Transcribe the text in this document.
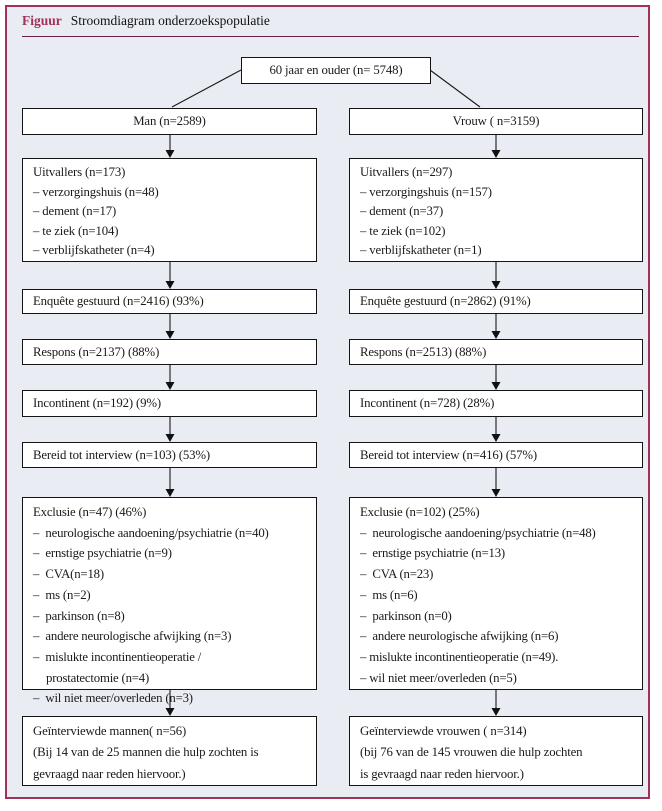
Figuur Stroomdiagram onderzoekspopulatie
60 jaar en ouder (n= 5748)
Man (n=2589)	Vrouw ( n=3159)
Uitvallers (n=173)
– verzorgingshuis (n=48)
– dement (n=17)
– te ziek (n=104)
– verblijfskatheter (n=4)
Uitvallers (n=297)
– verzorgingshuis (n=157)
– dement (n=37)
– te ziek (n=102)
– verblijfskatheter (n=1)
Enquête gestuurd (n=2416) (93%)	Enquête gestuurd (n=2862) (91%)
Respons (n=2137) (88%)	Respons (n=2513) (88%)
Incontinent (n=192) (9%)	Incontinent (n=728) (28%)
Bereid tot interview (n=103) (53%)	Bereid tot interview (n=416) (57%)
Exclusie (n=47) (46%)
– neurologische aandoening/psychiatrie (n=40)
– ernstige psychiatrie (n=9)
– CVA(n=18)
– ms (n=2)
– parkinson (n=8)
– andere neurologische afwijking (n=3)
– mislukte incontinentieoperatie /
prostatectomie (n=4)
– wil niet meer/overleden (n=3)
Exclusie (n=102) (25%)
– neurologische aandoening/psychiatrie (n=48)
– ernstige psychiatrie (n=13)
– CVA (n=23)
– ms (n=6)
– parkinson (n=0)
– andere neurologische afwijking (n=6)
– mislukte incontinentieoperatie (n=49).
– wil niet meer/overleden (n=5)
Geïnterviewde mannen( n=56)
(Bij 14 van de 25 mannen die hulp zochten is
gevraagd naar reden hiervoor.)
Geïnterviewde vrouwen ( n=314)
(bij 76 van de 145 vrouwen die hulp zochten
is gevraagd naar reden hiervoor.)
